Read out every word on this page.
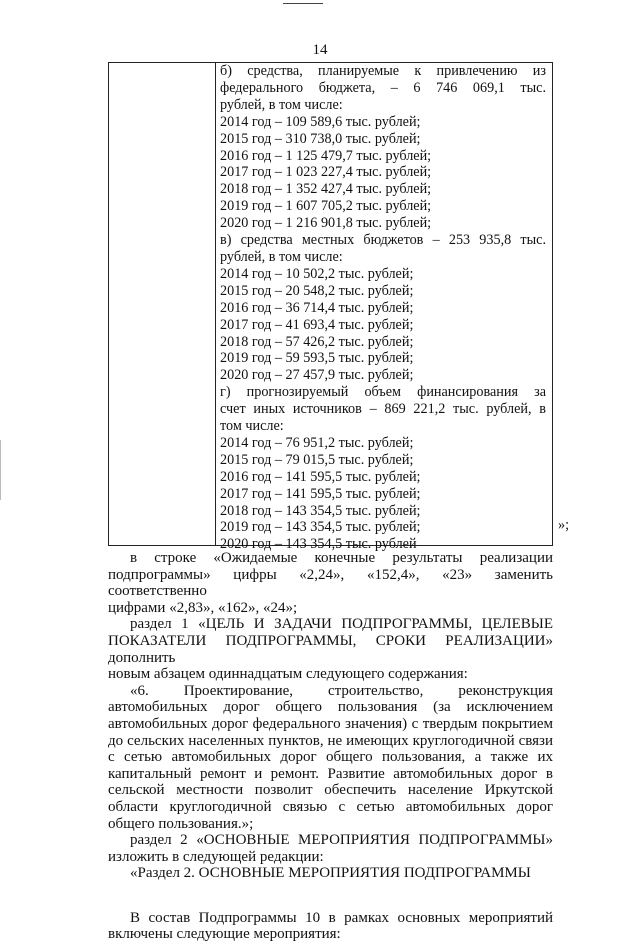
14
б) средства, планируемые к привлечению из
федерального бюджета, – 6 746 069,1 тыс.
рублей, в том числе:
2014 год – 109 589,6 тыс. рублей;
2015 год – 310 738,0 тыс. рублей;
2016 год – 1 125 479,7 тыс. рублей;
2017 год – 1 023 227,4 тыс. рублей;
2018 год – 1 352 427,4 тыс. рублей;
2019 год – 1 607 705,2 тыс. рублей;
2020 год – 1 216 901,8 тыс. рублей;
в) средства местных бюджетов – 253 935,8 тыс.
рублей, в том числе:
2014 год – 10 502,2 тыс. рублей;
2015 год – 20 548,2 тыс. рублей;
2016 год – 36 714,4 тыс. рублей;
2017 год – 41 693,4 тыс. рублей;
2018 год – 57 426,2 тыс. рублей;
2019 год – 59 593,5 тыс. рублей;
2020 год – 27 457,9 тыс. рублей;
г) прогнозируемый объем финансирования за
счет иных источников – 869 221,2 тыс. рублей, в
том числе:
2014 год – 76 951,2 тыс. рублей;
2015 год – 79 015,5 тыс. рублей;
2016 год – 141 595,5 тыс. рублей;
2017 год – 141 595,5 тыс. рублей;
2018 год – 143 354,5 тыс. рублей;
2019 год – 143 354,5 тыс. рублей;
2020 год – 143 354,5 тыс. рублей
»;
в строке «Ожидаемые конечные результаты реализации
подпрограммы» цифры «2,24», «152,4», «23» заменить соответственно
цифрами «2,83», «162», «24»;
раздел 1 «ЦЕЛЬ И ЗАДАЧИ ПОДПРОГРАММЫ, ЦЕЛЕВЫЕ
ПОКАЗАТЕЛИ ПОДПРОГРАММЫ, СРОКИ РЕАЛИЗАЦИИ» дополнить
новым абзацем одиннадцатым следующего содержания:
«6. Проектирование, строительство, реконструкция автомобильных дорог общего пользования (за исключением автомобильных дорог федерального значения) с твердым покрытием до сельских населенных пунктов, не имеющих круглогодичной связи с сетью автомобильных дорог общего пользования, а также их капитальный ремонт и ремонт. Развитие автомобильных дорог в сельской местности позволит обеспечить население Иркутской области круглогодичной связью с сетью автомобильных дорог общего пользования.»;
раздел 2 «ОСНОВНЫЕ МЕРОПРИЯТИЯ ПОДПРОГРАММЫ»
изложить в следующей редакции:
«Раздел 2. ОСНОВНЫЕ МЕРОПРИЯТИЯ ПОДПРОГРАММЫ
В состав Подпрограммы 10 в рамках основных мероприятий
включены следующие мероприятия:
